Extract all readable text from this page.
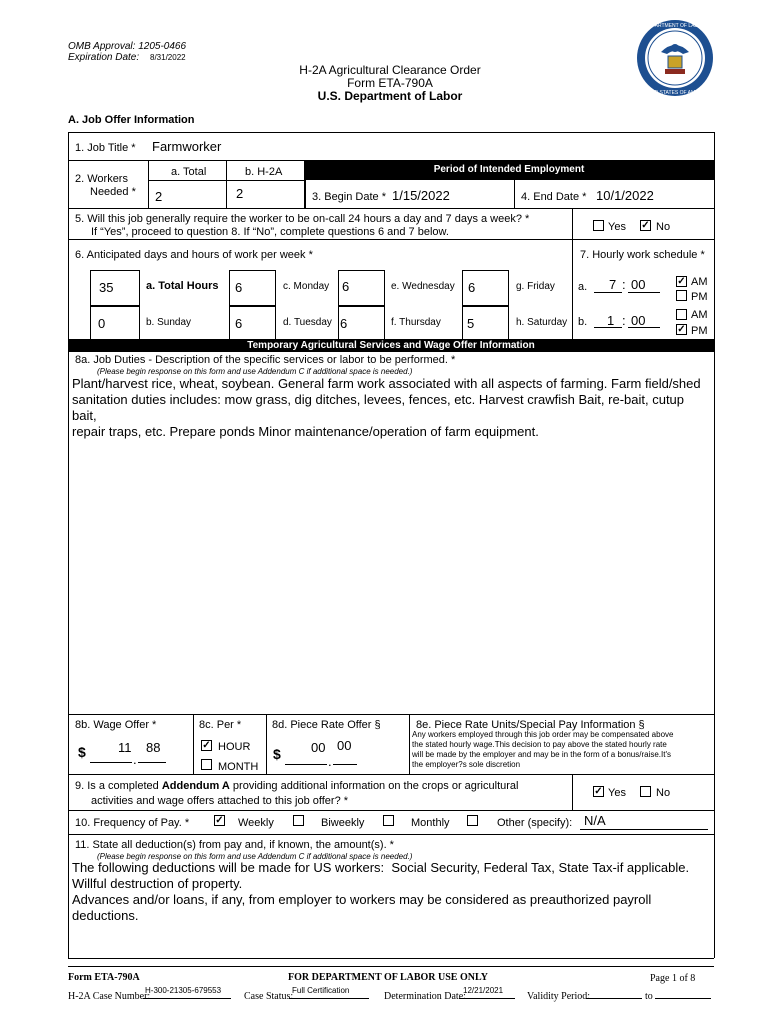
OMB Approval: 1205-0466
Expiration Date: 8/31/2022
H-2A Agricultural Clearance Order
Form ETA-790A
U.S. Department of Labor
DEPARTMENT OF LABOR
UNITED STATES OF AMERICA
A. Job Offer Information
1. Job Title * Farmworker
a. Total	b. H-2A
2. Workers
Needed * 2	2
Period of Intended Employment
3. Begin Date * 1/15/2022	4. End Date * 10/1/2022
5. Will this job generally require the worker to be on-call 24 hours a day and 7 days a week? *
If “Yes”, proceed to question 8. If “No”, complete questions 6 and 7 below.	Yes ✓ No
6. Anticipated days and hours of work per week *	7. Hourly work schedule *
35	a. Total Hours 6	c. Monday 6	e. Wednesday 6	g. Friday
0	b. Sunday	6	d. Tuesday 6	f. Thursday 5	h. Saturday
a. 7 : 00	✓ AM
PM
b. 1 : 00	AM
✓ PM
Temporary Agricultural Services and Wage Offer Information
8a. Job Duties - Description of the specific services or labor to be performed. *
(Please begin response on this form and use Addendum C if additional space is needed.)
Plant/harvest rice, wheat, soybean. General farm work associated with all aspects of farming. Farm field/shed
sanitation duties includes: mow grass, dig ditches, levees, fences, etc. Harvest crawfish Bait, re-bait, cutup bait,
repair traps, etc. Prepare ponds Minor maintenance/operation of farm equipment.
8b. Wage Offer *
$ 11
.
88
8c. Per *
✓ HOUR
MONTH
8d. Piece Rate Offer §
$ 00
.
00
8e. Piece Rate Units/Special Pay Information §
Any workers employed through this job order may be compensated above
the stated hourly wage.This decision to pay above the stated hourly rate
will be made by the employer and may be in the form of a bonus/raise.It's
the employer?s sole discretion
9. Is a completed Addendum A providing additional information on the crops or agricultural
activities and wage offers attached to this job offer? *
✓ Yes	No
10. Frequency of Pay. *	✓ Weekly	Biweekly	Monthly	Other (specify): N/A
11. State all deduction(s) from pay and, if known, the amount(s). *
(Please begin response on this form and use Addendum C if additional space is needed.)
The following deductions will be made for US workers:  Social Security, Federal Tax, State Tax-if applicable.
Willful destruction of property.
Advances and/or loans, if any, from employer to workers may be considered as preauthorized payroll deductions.
Form ETA-790A	FOR DEPARTMENT OF LABOR USE ONLY	Page 1 of 8
H-2A Case Number:
H-300-21305-679553
Case Status:
Full Certification
Determination Date:
12/21/2021
Validity Period:	to
